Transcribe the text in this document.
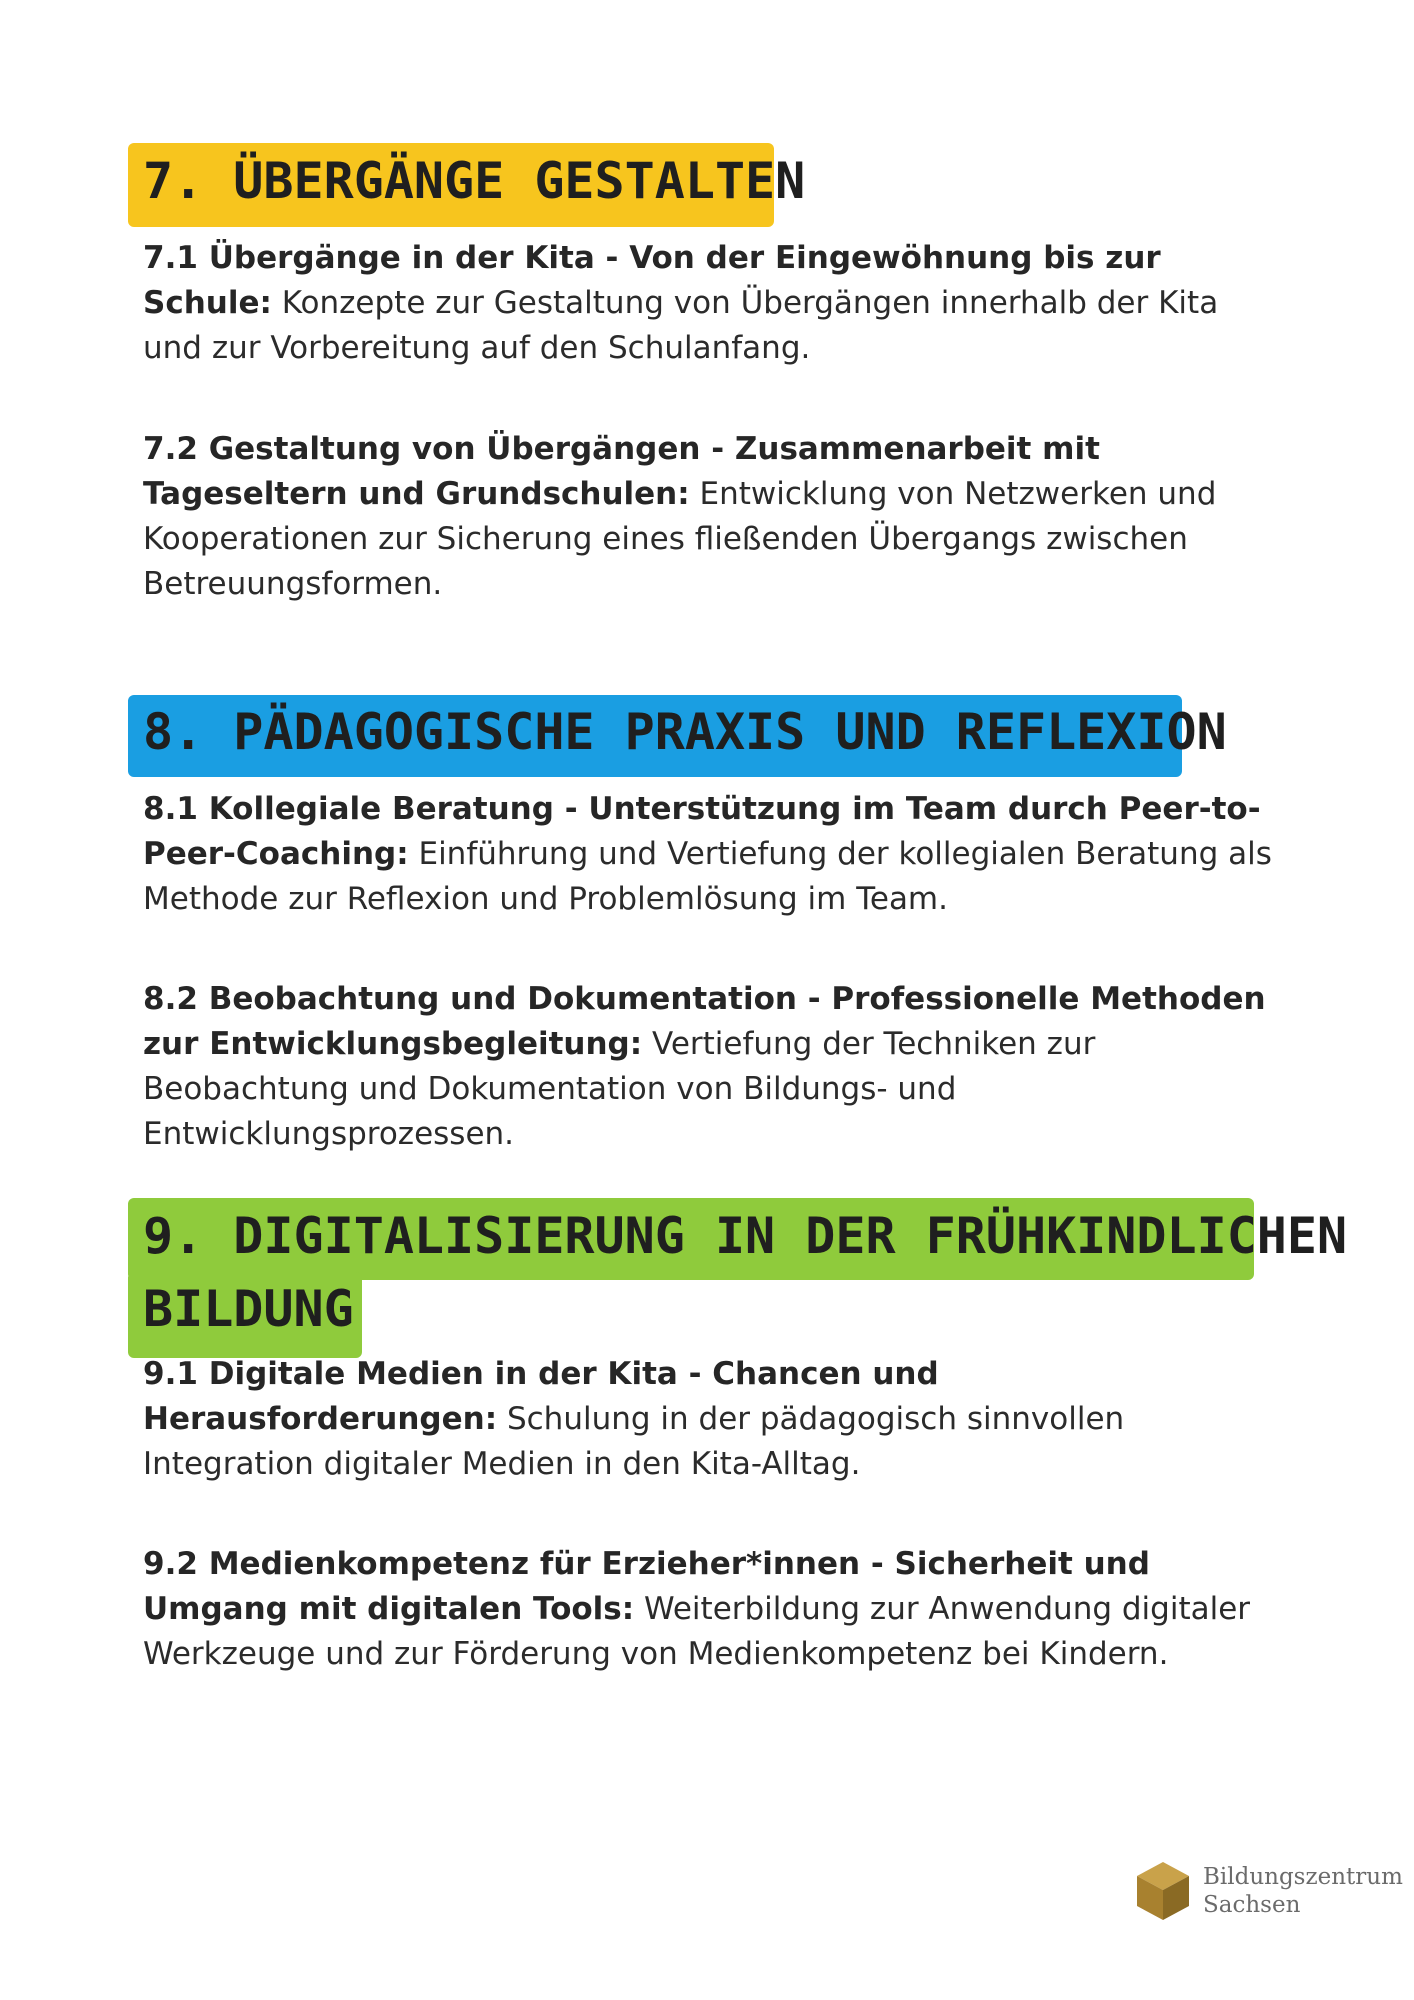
7. ÜBERGÄNGE GESTALTEN

7.1 Übergänge in der Kita - Von der Eingewöhnung bis zur Schule: Konzepte zur Gestaltung von Übergängen innerhalb der Kita und zur Vorbereitung auf den Schulanfang.

7.2 Gestaltung von Übergängen - Zusammenarbeit mit Tageseltern und Grundschulen: Entwicklung von Netzwerken und Kooperationen zur Sicherung eines fließenden Übergangs zwischen Betreuungsformen.

8. PÄDAGOGISCHE PRAXIS UND REFLEXION

8.1 Kollegiale Beratung - Unterstützung im Team durch Peer-to-Peer-Coaching: Einführung und Vertiefung der kollegialen Beratung als Methode zur Reflexion und Problemlösung im Team.

8.2 Beobachtung und Dokumentation - Professionelle Methoden zur Entwicklungsbegleitung: Vertiefung der Techniken zur Beobachtung und Dokumentation von Bildungs- und Entwicklungsprozessen.

9. DIGITALISIERUNG IN DER FRÜHKINDLICHEN
BILDUNG

9.1 Digitale Medien in der Kita - Chancen und Herausforderungen: Schulung in der pädagogisch sinnvollen Integration digitaler Medien in den Kita-Alltag.

9.2 Medienkompetenz für Erzieher*innen - Sicherheit und Umgang mit digitalen Tools: Weiterbildung zur Anwendung digitaler Werkzeuge und zur Förderung von Medienkompetenz bei Kindern.

Bildungszentrum
Sachsen
